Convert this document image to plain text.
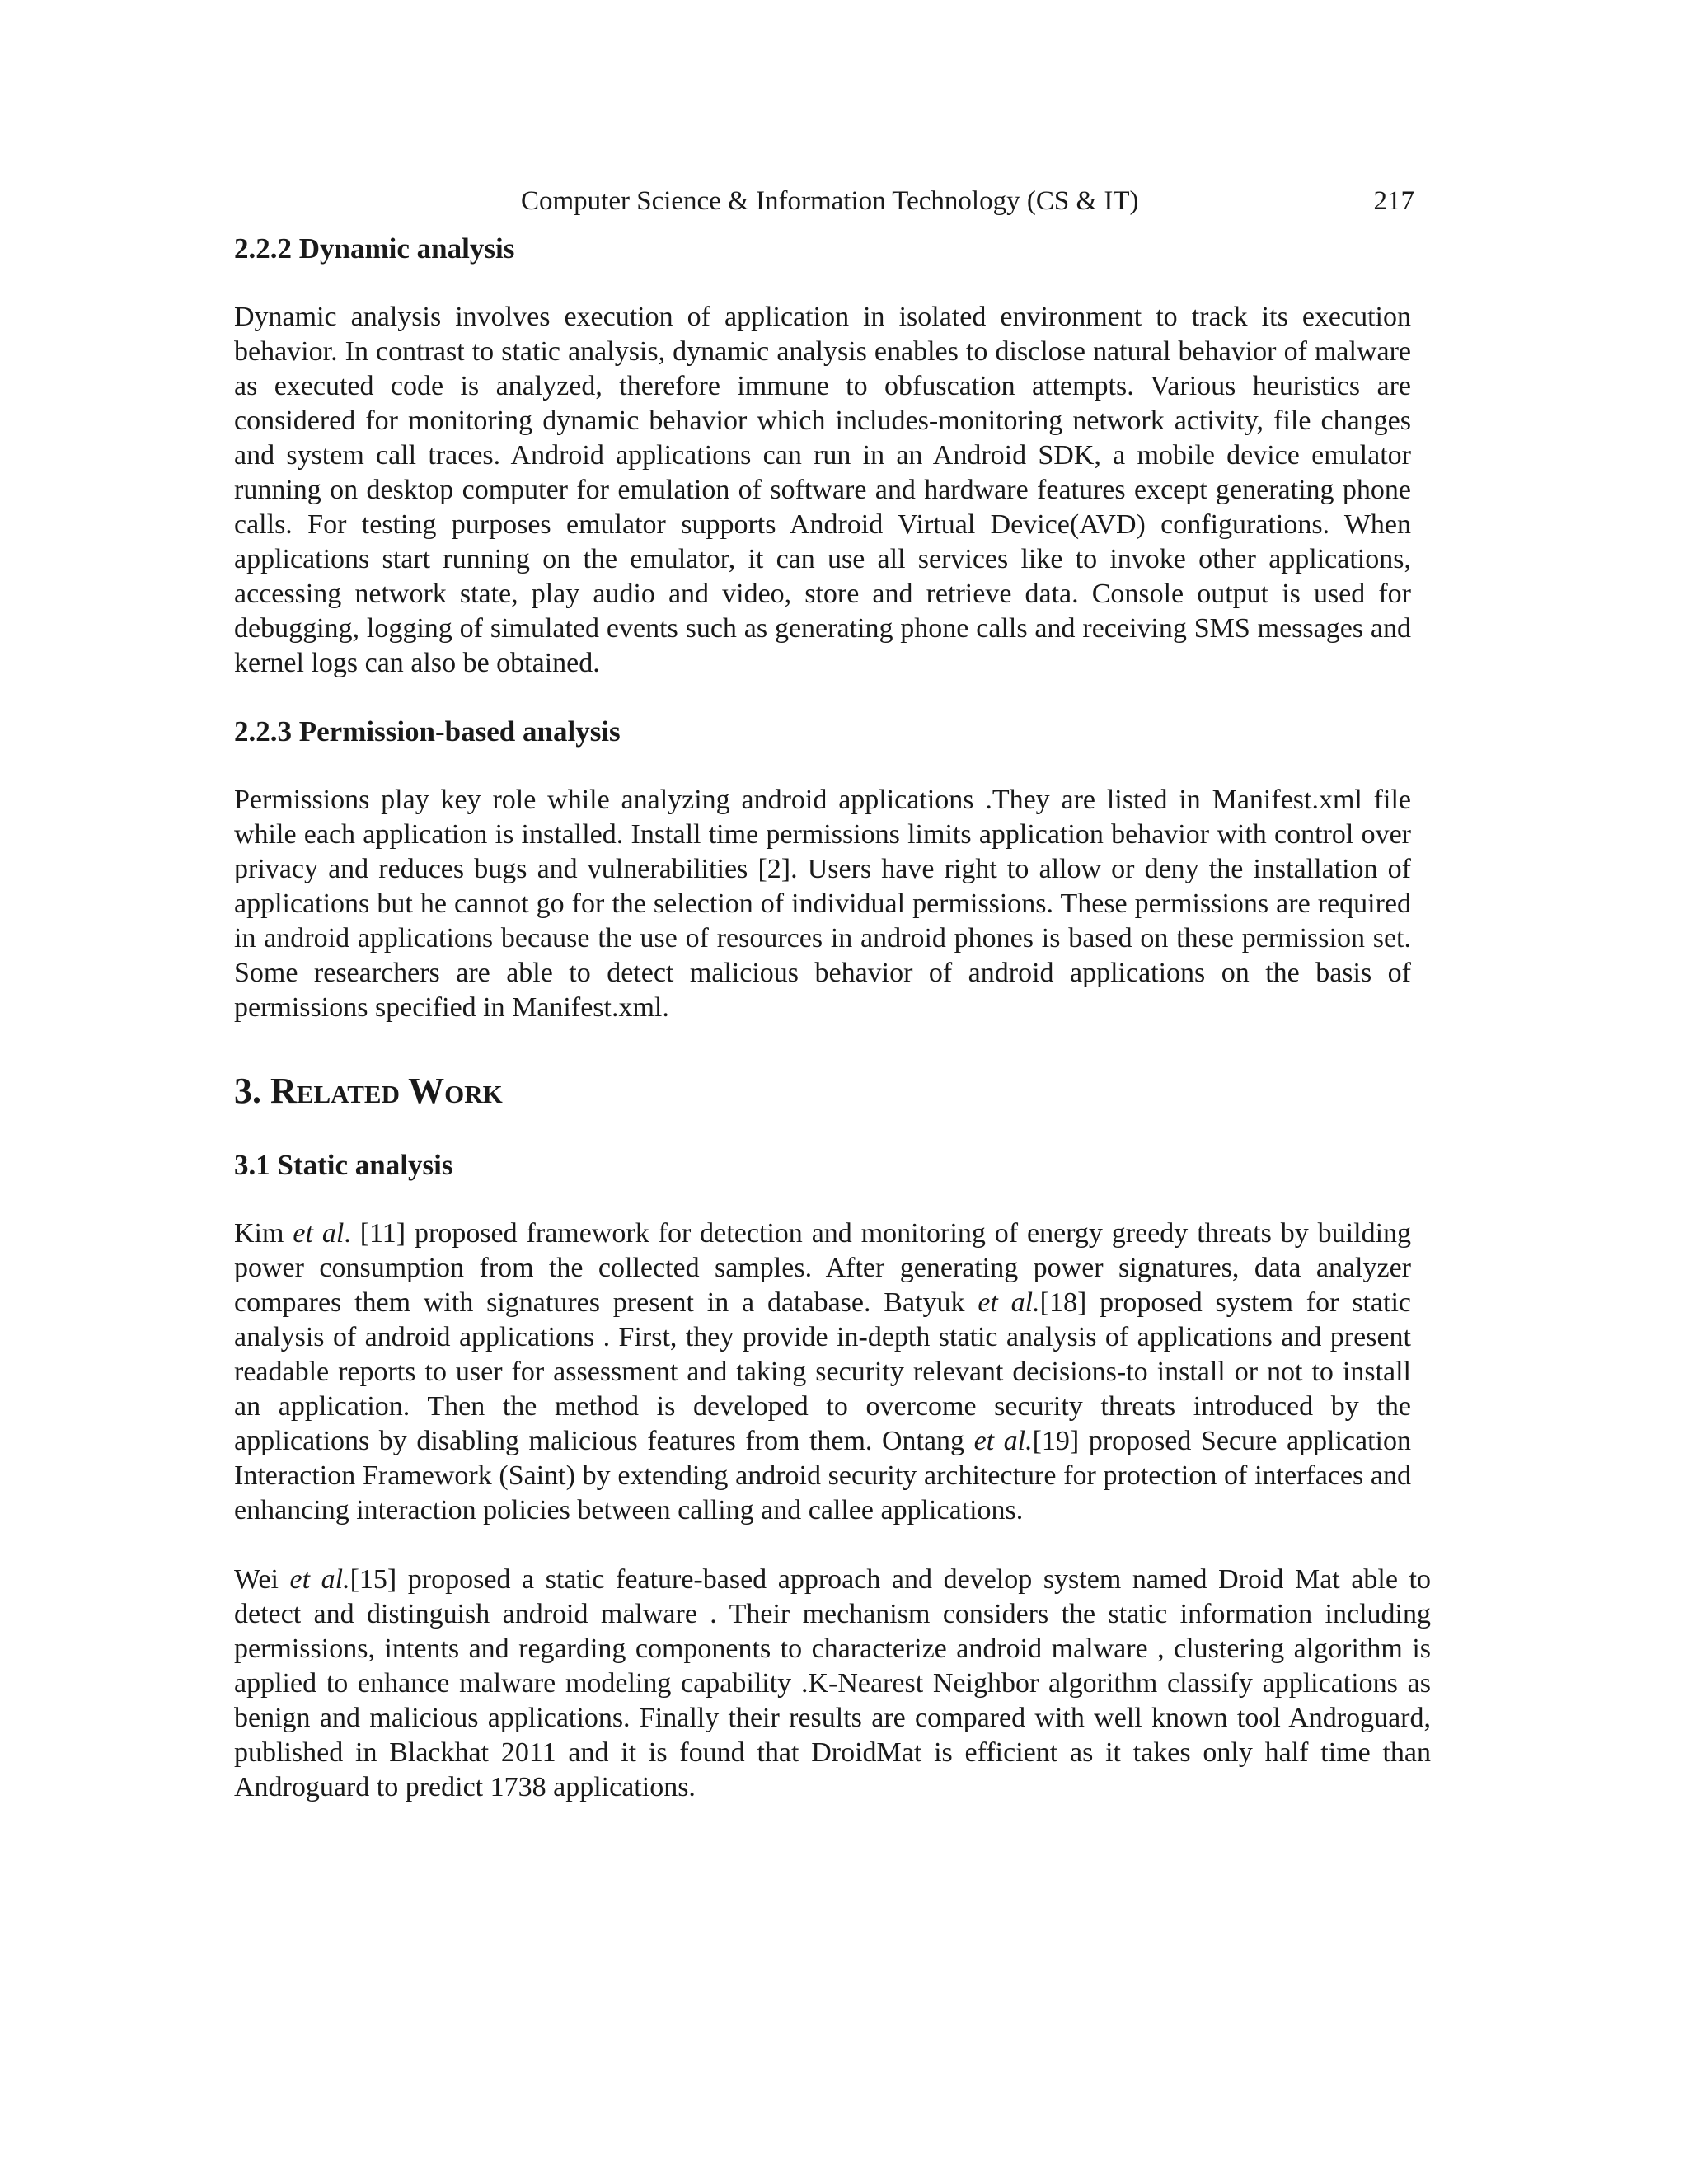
Computer Science & Information Technology (CS & IT)	217
2.2.2 Dynamic analysis

Dynamic analysis involves execution of application in isolated environment to track its execution behavior. In contrast to static analysis, dynamic analysis enables to disclose natural behavior of malware as executed code is analyzed, therefore immune to obfuscation attempts. Various heuristics are considered for monitoring dynamic behavior which includes-monitoring network activity, file changes and system call traces. Android applications can run in an Android SDK, a mobile device emulator running on desktop computer for emulation of software and hardware features except generating phone calls. For testing purposes emulator supports Android Virtual Device(AVD) configurations. When applications start running on the emulator, it can use all services like to invoke other applications, accessing network state, play audio and video, store and retrieve data. Console output is used for debugging, logging of simulated events such as generating phone calls and receiving SMS messages and kernel logs can also be obtained.

2.2.3 Permission-based analysis

Permissions play key role while analyzing android applications .They are listed in Manifest.xml file while each application is installed. Install time permissions limits application behavior with control over privacy and reduces bugs and vulnerabilities [2]. Users have right to allow or deny the installation of applications but he cannot go for the selection of individual permissions. These permissions are required in android applications because the use of resources in android phones is based on these permission set. Some researchers are able to detect malicious behavior of android applications on the basis of permissions specified in Manifest.xml.

3. Related Work
3.1 Static analysis

Kim et al. [11] proposed framework for detection and monitoring of energy greedy threats by building power consumption from the collected samples. After generating power signatures, data analyzer compares them with signatures present in a database. Batyuk et al.[18] proposed system for static analysis of android applications . First, they provide in-depth static analysis of applications and present readable reports to user for assessment and taking security relevant decisions-to install or not to install an application. Then the method is developed to overcome security threats introduced by the applications by disabling malicious features from them. Ontang et al.[19] proposed Secure application Interaction Framework (Saint) by extending android security architecture for protection of interfaces and enhancing interaction policies between calling and callee applications.

Wei et al.[15] proposed a static feature-based approach and develop system named Droid Mat able to detect and distinguish android malware . Their mechanism considers the static information including permissions, intents and regarding components to characterize android malware , clustering algorithm is applied to enhance malware modeling capability .K-Nearest Neighbor algorithm classify applications as benign and malicious applications. Finally their results are compared with well known tool Androguard, published in Blackhat 2011 and it is found that DroidMat is efficient as it takes only half time than Androguard to predict 1738 applications.
